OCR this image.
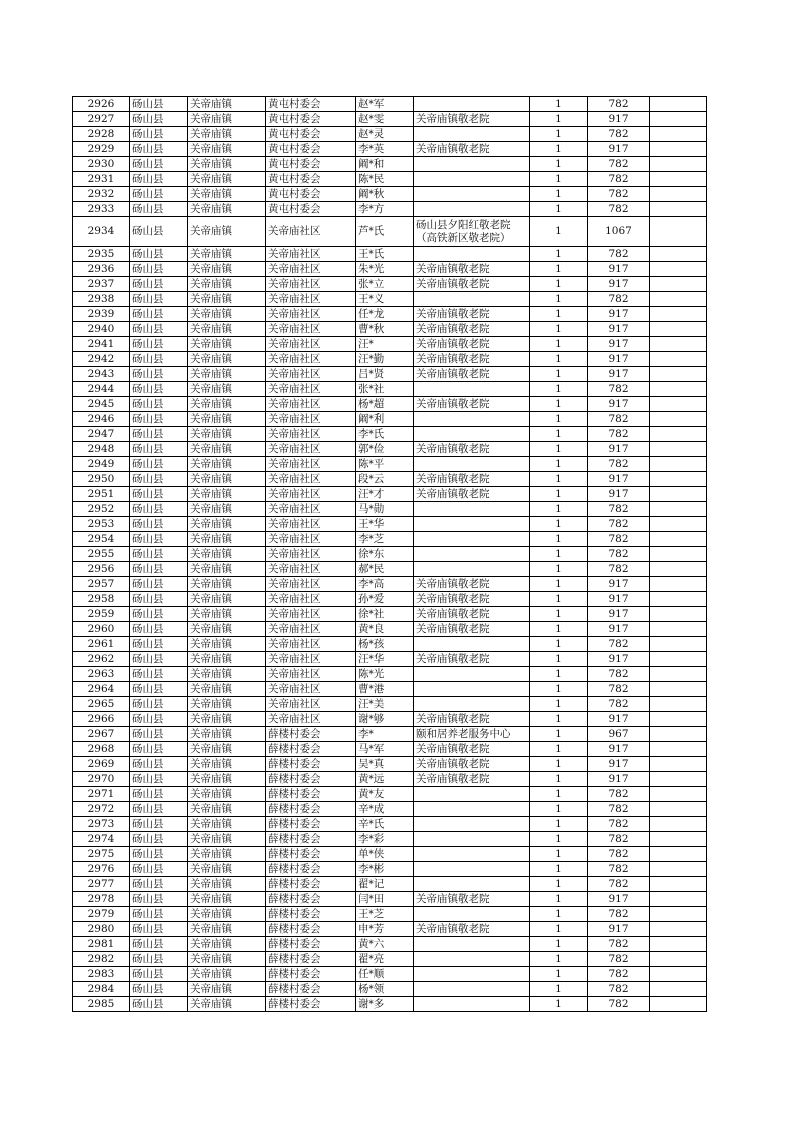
2926	砀山县	关帝庙镇	黄屯村委会	赵*军		1	782	
2927	砀山县	关帝庙镇	黄屯村委会	赵*雯	关帝庙镇敬老院	1	917	
2928	砀山县	关帝庙镇	黄屯村委会	赵*灵		1	782	
2929	砀山县	关帝庙镇	黄屯村委会	李*英	关帝庙镇敬老院	1	917	
2930	砀山县	关帝庙镇	黄屯村委会	阚*和		1	782	
2931	砀山县	关帝庙镇	黄屯村委会	陈*民		1	782	
2932	砀山县	关帝庙镇	黄屯村委会	阚*秋		1	782	
2933	砀山县	关帝庙镇	黄屯村委会	李*方		1	782	
2934	砀山县	关帝庙镇	关帝庙社区	芦*氏	砀山县夕阳红敬老院（高铁新区敬老院）	1	1067	
2935	砀山县	关帝庙镇	关帝庙社区	王*氏		1	782	
2936	砀山县	关帝庙镇	关帝庙社区	朱*光	关帝庙镇敬老院	1	917	
2937	砀山县	关帝庙镇	关帝庙社区	张*立	关帝庙镇敬老院	1	917	
2938	砀山县	关帝庙镇	关帝庙社区	王*义		1	782	
2939	砀山县	关帝庙镇	关帝庙社区	任*龙	关帝庙镇敬老院	1	917	
2940	砀山县	关帝庙镇	关帝庙社区	曹*秋	关帝庙镇敬老院	1	917	
2941	砀山县	关帝庙镇	关帝庙社区	汪*	关帝庙镇敬老院	1	917	
2942	砀山县	关帝庙镇	关帝庙社区	汪*勤	关帝庙镇敬老院	1	917	
2943	砀山县	关帝庙镇	关帝庙社区	吕*贤	关帝庙镇敬老院	1	917	
2944	砀山县	关帝庙镇	关帝庙社区	张*社		1	782	
2945	砀山县	关帝庙镇	关帝庙社区	杨*超	关帝庙镇敬老院	1	917	
2946	砀山县	关帝庙镇	关帝庙社区	阚*利		1	782	
2947	砀山县	关帝庙镇	关帝庙社区	李*氏		1	782	
2948	砀山县	关帝庙镇	关帝庙社区	郭*俭	关帝庙镇敬老院	1	917	
2949	砀山县	关帝庙镇	关帝庙社区	陈*平		1	782	
2950	砀山县	关帝庙镇	关帝庙社区	段*云	关帝庙镇敬老院	1	917	
2951	砀山县	关帝庙镇	关帝庙社区	汪*才	关帝庙镇敬老院	1	917	
2952	砀山县	关帝庙镇	关帝庙社区	马*勋		1	782	
2953	砀山县	关帝庙镇	关帝庙社区	王*华		1	782	
2954	砀山县	关帝庙镇	关帝庙社区	李*芝		1	782	
2955	砀山县	关帝庙镇	关帝庙社区	徐*东		1	782	
2956	砀山县	关帝庙镇	关帝庙社区	郝*民		1	782	
2957	砀山县	关帝庙镇	关帝庙社区	李*高	关帝庙镇敬老院	1	917	
2958	砀山县	关帝庙镇	关帝庙社区	孙*爱	关帝庙镇敬老院	1	917	
2959	砀山县	关帝庙镇	关帝庙社区	徐*社	关帝庙镇敬老院	1	917	
2960	砀山县	关帝庙镇	关帝庙社区	黄*良	关帝庙镇敬老院	1	917	
2961	砀山县	关帝庙镇	关帝庙社区	杨*孩		1	782	
2962	砀山县	关帝庙镇	关帝庙社区	汪*华	关帝庙镇敬老院	1	917	
2963	砀山县	关帝庙镇	关帝庙社区	陈*光		1	782	
2964	砀山县	关帝庙镇	关帝庙社区	曹*港		1	782	
2965	砀山县	关帝庙镇	关帝庙社区	汪*美		1	782	
2966	砀山县	关帝庙镇	关帝庙社区	谢*够	关帝庙镇敬老院	1	917	
2967	砀山县	关帝庙镇	薛楼村委会	李*	颐和居养老服务中心	1	967	
2968	砀山县	关帝庙镇	薛楼村委会	马*军	关帝庙镇敬老院	1	917	
2969	砀山县	关帝庙镇	薛楼村委会	吴*真	关帝庙镇敬老院	1	917	
2970	砀山县	关帝庙镇	薛楼村委会	黄*远	关帝庙镇敬老院	1	917	
2971	砀山县	关帝庙镇	薛楼村委会	黄*友		1	782	
2972	砀山县	关帝庙镇	薛楼村委会	辛*成		1	782	
2973	砀山县	关帝庙镇	薛楼村委会	辛*氏		1	782	
2974	砀山县	关帝庙镇	薛楼村委会	李*彩		1	782	
2975	砀山县	关帝庙镇	薛楼村委会	单*侠		1	782	
2976	砀山县	关帝庙镇	薛楼村委会	李*彬		1	782	
2977	砀山县	关帝庙镇	薛楼村委会	翟*记		1	782	
2978	砀山县	关帝庙镇	薛楼村委会	闫*田	关帝庙镇敬老院	1	917	
2979	砀山县	关帝庙镇	薛楼村委会	王*芝		1	782	
2980	砀山县	关帝庙镇	薛楼村委会	申*芳	关帝庙镇敬老院	1	917	
2981	砀山县	关帝庙镇	薛楼村委会	黄*六		1	782	
2982	砀山县	关帝庙镇	薛楼村委会	翟*亮		1	782	
2983	砀山县	关帝庙镇	薛楼村委会	任*顺		1	782	
2984	砀山县	关帝庙镇	薛楼村委会	杨*领		1	782	
2985	砀山县	关帝庙镇	薛楼村委会	谢*多		1	782	
